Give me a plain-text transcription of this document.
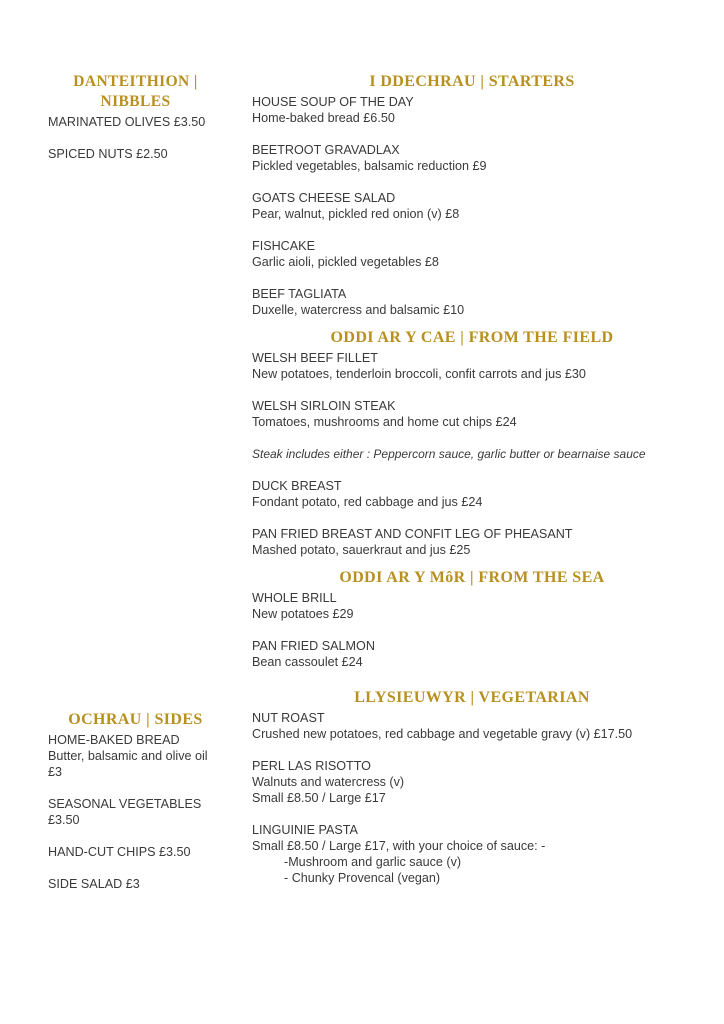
DANTEITHION | NIBBLES
MARINATED OLIVES £3.50
SPICED NUTS £2.50
OCHRAU | SIDES
HOME-BAKED BREAD
Butter, balsamic and olive oil £3
SEASONAL VEGETABLES £3.50
HAND-CUT CHIPS £3.50
SIDE SALAD £3
I DDECHRAU | STARTERS
HOUSE SOUP OF THE DAY
Home-baked bread £6.50
BEETROOT GRAVADLAX
Pickled vegetables, balsamic reduction £9
GOATS CHEESE SALAD
Pear, walnut, pickled red onion (v) £8
FISHCAKE
Garlic aioli, pickled vegetables £8
BEEF TAGLIATA
Duxelle, watercress and balsamic £10
ODDI AR Y CAE | FROM THE FIELD
WELSH BEEF FILLET
New potatoes, tenderloin broccoli, confit carrots and jus £30
WELSH SIRLOIN STEAK
Tomatoes, mushrooms and home cut chips £24
Steak includes either : Peppercorn sauce, garlic butter or bearnaise sauce
DUCK BREAST
Fondant potato, red cabbage and jus £24
PAN FRIED BREAST AND CONFIT LEG OF PHEASANT
Mashed potato, sauerkraut and jus £25
ODDI AR Y MôR | FROM THE SEA
WHOLE BRILL
New potatoes £29
PAN FRIED SALMON
Bean cassoulet £24
LLYSIEUWYR | VEGETARIAN
NUT ROAST
Crushed new potatoes, red cabbage and vegetable gravy (v) £17.50
PERL LAS RISOTTO
Walnuts and watercress (v)
Small £8.50 / Large £17
LINGUINIE PASTA
Small £8.50 / Large £17, with your choice of sauce: -
-Mushroom and garlic sauce (v)
- Chunky Provencal (vegan)
